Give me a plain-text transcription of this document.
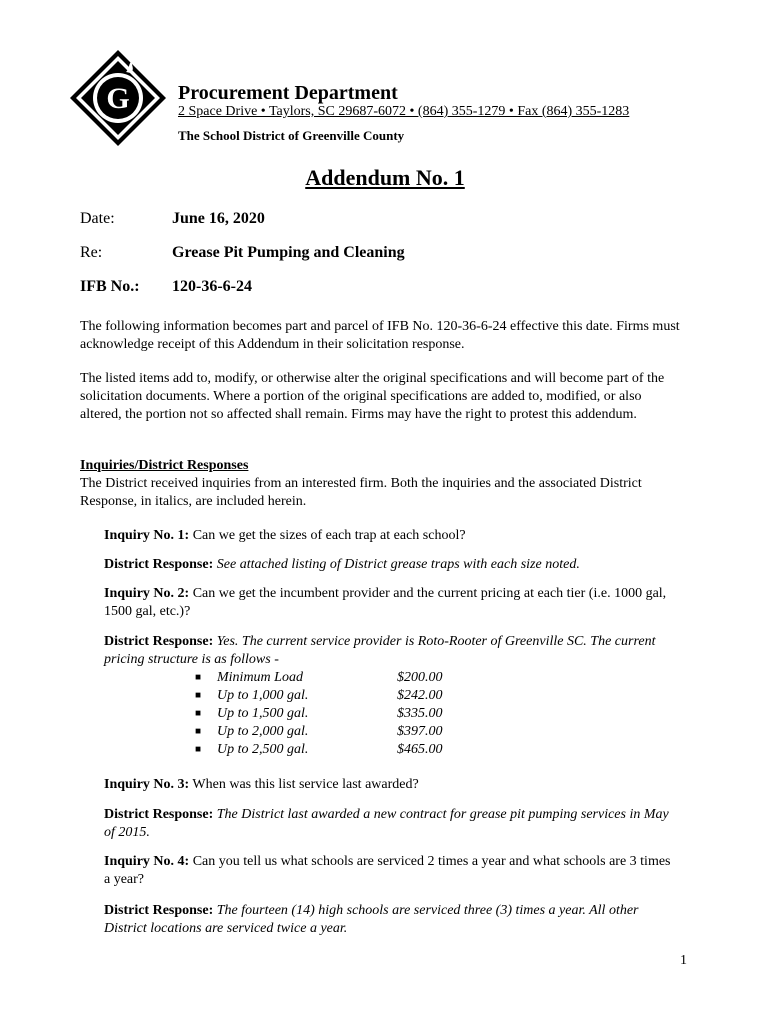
G Procurement Department
2 Space Drive • Taylors, SC 29687-6072 • (864) 355-1279 • Fax (864) 355-1283
The School District of Greenville County
Addendum No. 1
Date:	June 16, 2020
Re:	Grease Pit Pumping and Cleaning
IFB No.: 120-36-6-24
The following information becomes part and parcel of IFB No. 120-36-6-24 effective this date. Firms must acknowledge receipt of this Addendum in their solicitation response.
The listed items add to, modify, or otherwise alter the original specifications and will become part of the solicitation documents. Where a portion of the original specifications are added to, modified, or also altered, the portion not so affected shall remain. Firms may have the right to protest this addendum.
Inquiries/District Responses
The District received inquiries from an interested firm. Both the inquiries and the associated District Response, in italics, are included herein.
Inquiry No. 1: Can we get the sizes of each trap at each school?
District Response: See attached listing of District grease traps with each size noted.
Inquiry No. 2: Can we get the incumbent provider and the current pricing at each tier (i.e. 1000 gal, 1500 gal, etc.)?
District Response: Yes. The current service provider is Roto-Rooter of Greenville SC. The current pricing structure is as follows -
■	Minimum Load	$200.00
■	Up to 1,000 gal.	$242.00
■	Up to 1,500 gal.	$335.00
■	Up to 2,000 gal.	$397.00
■	Up to 2,500 gal.	$465.00
Inquiry No. 3: When was this list service last awarded?
District Response: The District last awarded a new contract for grease pit pumping services in May of 2015.
Inquiry No. 4: Can you tell us what schools are serviced 2 times a year and what schools are 3 times a year?
District Response: The fourteen (14) high schools are serviced three (3) times a year. All other District locations are serviced twice a year.
1
